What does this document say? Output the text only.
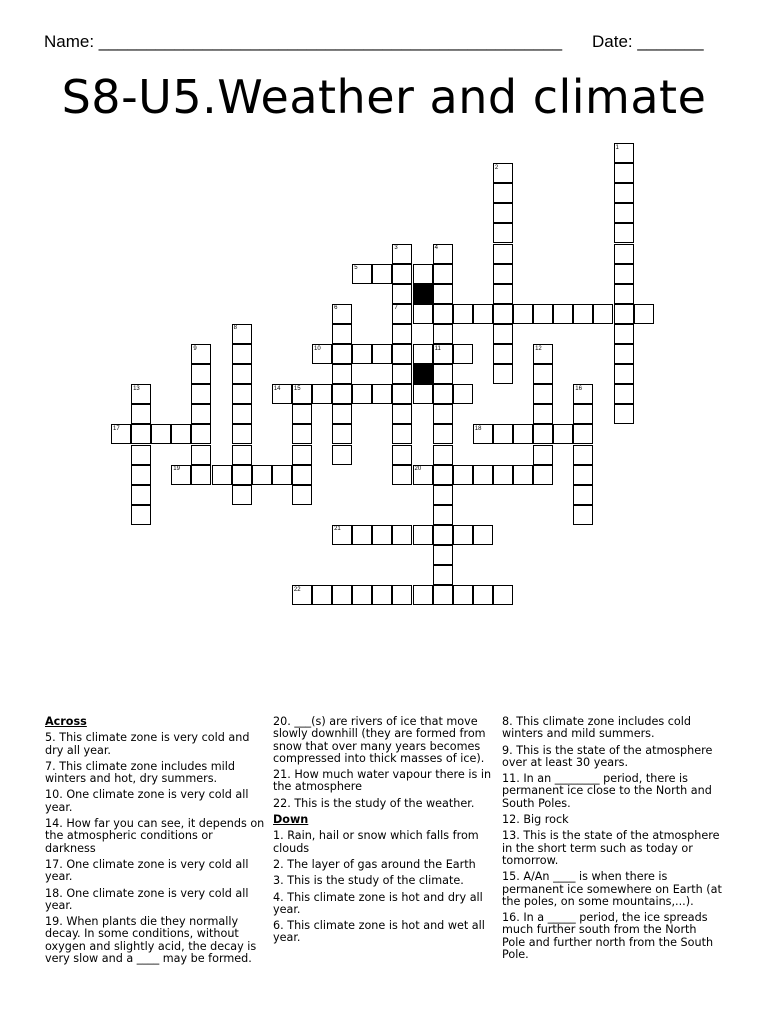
Name: _________________________________________________ Date: _______
S8-U5.Weather and climate
1
2
3	4
5
6	7
8
9	10	11	12
13	14 15	16
17	18
19	20
21
22

Across

5. This climate zone is very cold and dry all year.

7. This climate zone includes mild winters and hot, dry summers.

10. One climate zone is very cold all year.

14. How far you can see, it depends on the atmospheric conditions or darkness

17. One climate zone is very cold all year.

18. One climate zone is very cold all year.

19. When plants die they normally decay. In some conditions, without oxygen and slightly acid, the decay is very slow and a ____ may be formed.

20. ___(s) are rivers of ice that move slowly downhill (they are formed from snow that over many years becomes compressed into thick masses of ice).

21. How much water vapour there is in the atmosphere

22. This is the study of the weather.

Down

1. Rain, hail or snow which falls from clouds

2. The layer of gas around the Earth

3. This is the study of the climate.

4. This climate zone is hot and dry all year.

6. This climate zone is hot and wet all year.

8. This climate zone includes cold winters and mild summers.

9. This is the state of the atmosphere over at least 30 years.

11. In an ________ period, there is permanent ice close to the North and South Poles.

12. Big rock

13. This is the state of the atmosphere in the short term such as today or tomorrow.

15. A/An ____ is when there is permanent ice somewhere on Earth (at the poles, on some mountains,...).

16. In a _____ period, the ice spreads much further south from the North Pole and further north from the South Pole.
